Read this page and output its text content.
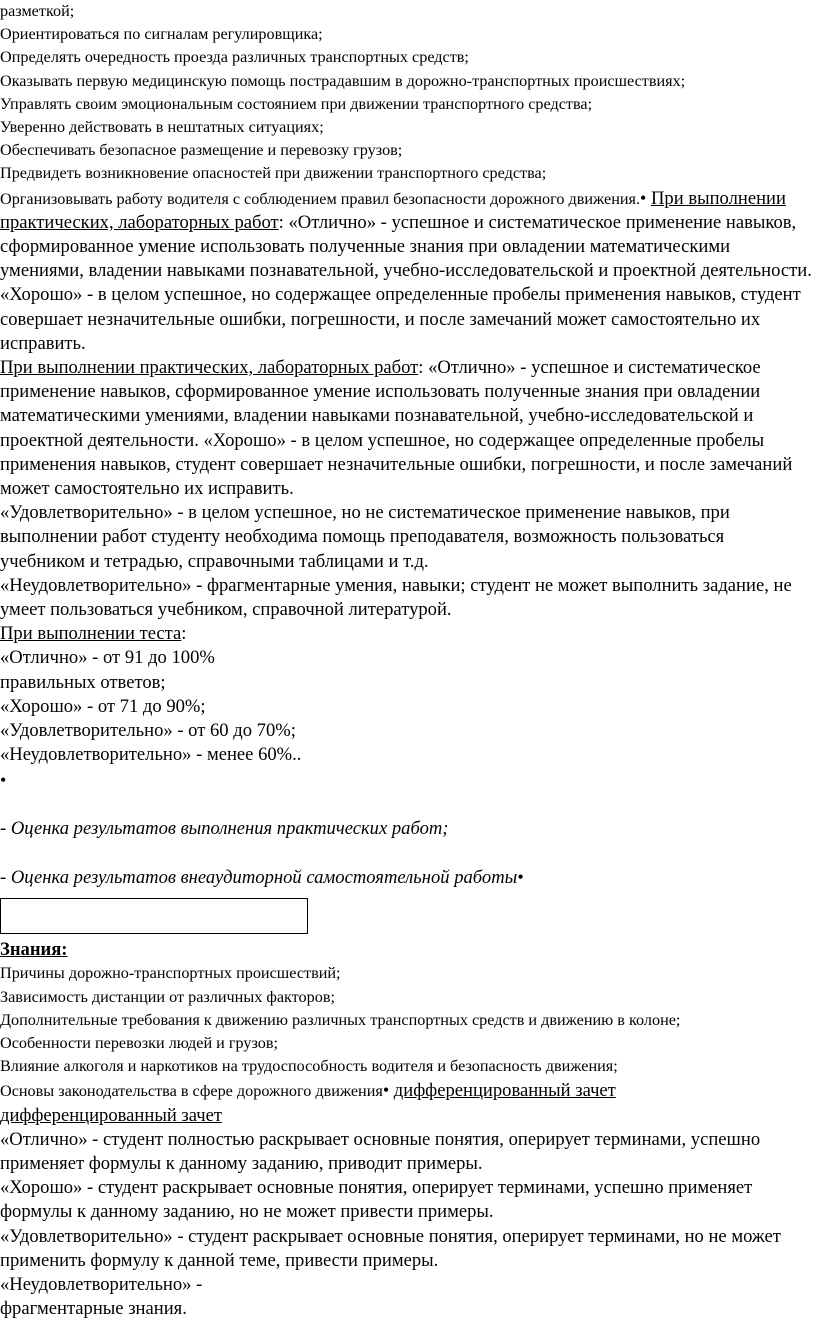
разметкой;

Ориентироваться по сигналам регулировщика;

Определять очередность проезда различных транспортных средств;

Оказывать первую медицинскую помощь пострадавшим в дорожно-транспортных происшествиях;

Управлять своим эмоциональным состоянием при движении транспортного средства;

Уверенно действовать в нештатных ситуациях;

Обеспечивать безопасное размещение и перевозку грузов;

Предвидеть возникновение опасностей при движении транспортного средства;

Организовывать работу водителя с соблюдением правил безопасности дорожного движения.• При выполнении практических, лабораторных работ: «Отлично» - успешное и систематическое применение навыков, сформированное умение использовать полученные знания при овладении математическими умениями, владении навыками познавательной, учебно-исследовательской и проектной деятельности. «Хорошо» - в целом успешное, но содержащее определенные пробелы применения навыков, студент совершает незначительные ошибки, погрешности, и после замечаний может самостоятельно их исправить.

При выполнении практических, лабораторных работ: «Отлично» - успешное и систематическое применение навыков, сформированное умение использовать полученные знания при овладении математическими умениями, владении навыками познавательной, учебно-исследовательской и проектной деятельности. «Хорошо» - в целом успешное, но содержащее определенные пробелы применения навыков, студент совершает незначительные ошибки, погрешности, и после замечаний может самостоятельно их исправить.

«Удовлетворительно» - в целом успешное, но не систематическое применение навыков, при выполнении работ студенту необходима помощь преподавателя, возможность пользоваться учебником и тетрадью, справочными таблицами и т.д.

«Неудовлетворительно» - фрагментарные умения, навыки; студент не может выполнить задание, не умеет пользоваться учебником, справочной литературой.

При выполнении теста:

«Отлично» - от 91 до 100%

правильных ответов;

«Хорошо» - от 71 до 90%;

«Удовлетворительно» - от 60 до 70%;

«Неудовлетворительно» - менее 60%..

•

- Оценка результатов выполнения практических работ;

- Оценка результатов внеаудиторной самостоятельной работы•

Знания:

Причины дорожно-транспортных происшествий;

Зависимость дистанции от различных факторов;

Дополнительные требования к движению различных транспортных средств и движению в колоне;

Особенности перевозки людей и грузов;

Влияние алкоголя и наркотиков на трудоспособность водителя и безопасность движения;

Основы законодательства в сфере дорожного движения• дифференцированный зачет

дифференцированный зачет

«Отлично» - студент полностью раскрывает основные понятия, оперирует терминами, успешно применяет формулы к данному заданию, приводит примеры.

«Хорошо» - студент раскрывает основные понятия, оперирует терминами, успешно применяет формулы к данному заданию, но не может привести примеры.

«Удовлетворительно» - студент раскрывает основные понятия, оперирует терминами, но не может применить формулу к данной теме, привести примеры.

«Неудовлетворительно» -

фрагментарные знания.
